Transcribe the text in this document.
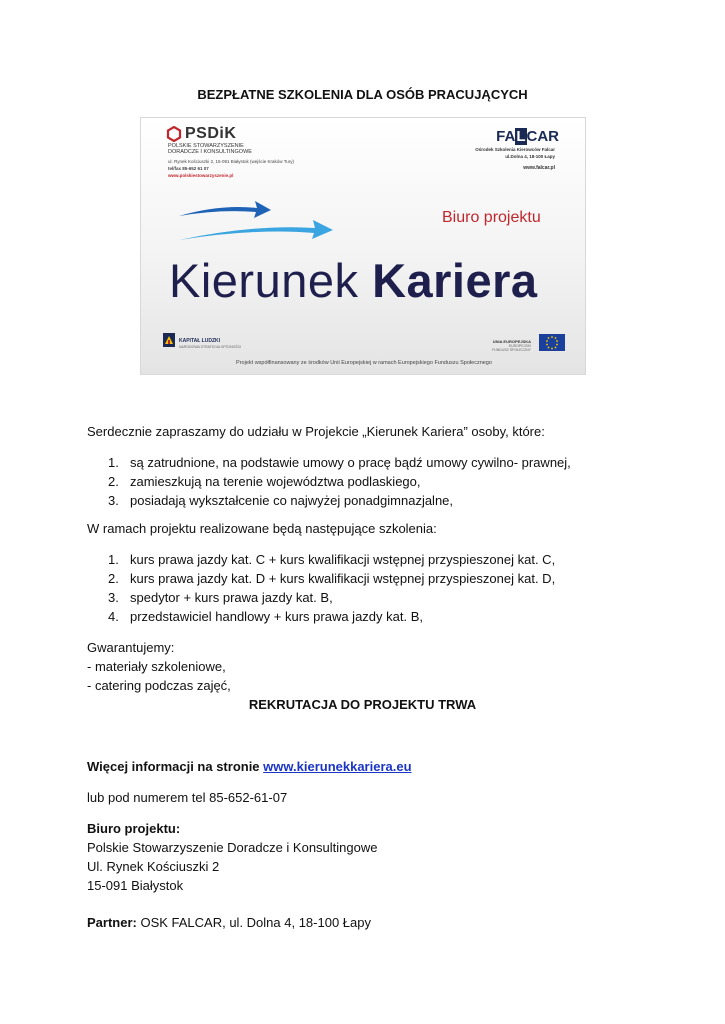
BEZPŁATNE SZKOLENIA DLA OSÓB PRACUJĄCYCH
PSDiK
POLSKIE STOWARZYSZENIE
DORADCZE I KONSULTINGOWE
ul. Rynek Kościuszki 2, 15-091 Białystok (wejście Kraków Tury)
tel/fax 85-652 61 07
www.polskiestowarzyszenie.pl
FALCAR
Ośrodek Szkolenia Kierowców Falcar
ul.Dolna 4, 18-100 Łapy
www.falcar.pl
Biuro projektu
Kierunek Kariera
KAPITAŁ LUDZKI
NARODOWA STRATEGIA SPÓJNOŚCI
UNIA EUROPEJSKA
EUROPEJSKI
FUNDUSZ SPOŁECZNY
Projekt współfinansowany ze środków Unii Europejskiej w ramach Europejskiego Funduszu Społecznego
Serdecznie zapraszamy do udziału w Projekcie „Kierunek Kariera” osoby, które:
1. są zatrudnione, na podstawie umowy o pracę bądź umowy cywilno- prawnej,
2. zamieszkują na terenie województwa podlaskiego,
3. posiadają wykształcenie co najwyżej ponadgimnazjalne,
W ramach projektu realizowane będą następujące szkolenia:
1. kurs prawa jazdy kat. C + kurs kwalifikacji wstępnej przyspieszonej kat. C,
2. kurs prawa jazdy kat. D + kurs kwalifikacji wstępnej przyspieszonej kat. D,
3. spedytor + kurs prawa jazdy kat. B,
4. przedstawiciel handlowy + kurs prawa jazdy kat. B,
Gwarantujemy:
- materiały szkoleniowe,
- catering podczas zajęć,
REKRUTACJA DO PROJEKTU TRWA
Więcej informacji na stronie www.kierunekkariera.eu
lub pod numerem tel 85-652-61-07
Biuro projektu:
Polskie Stowarzyszenie Doradcze i Konsultingowe
Ul. Rynek Kościuszki 2
15-091 Białystok
Partner: OSK FALCAR, ul. Dolna 4, 18-100 Łapy
